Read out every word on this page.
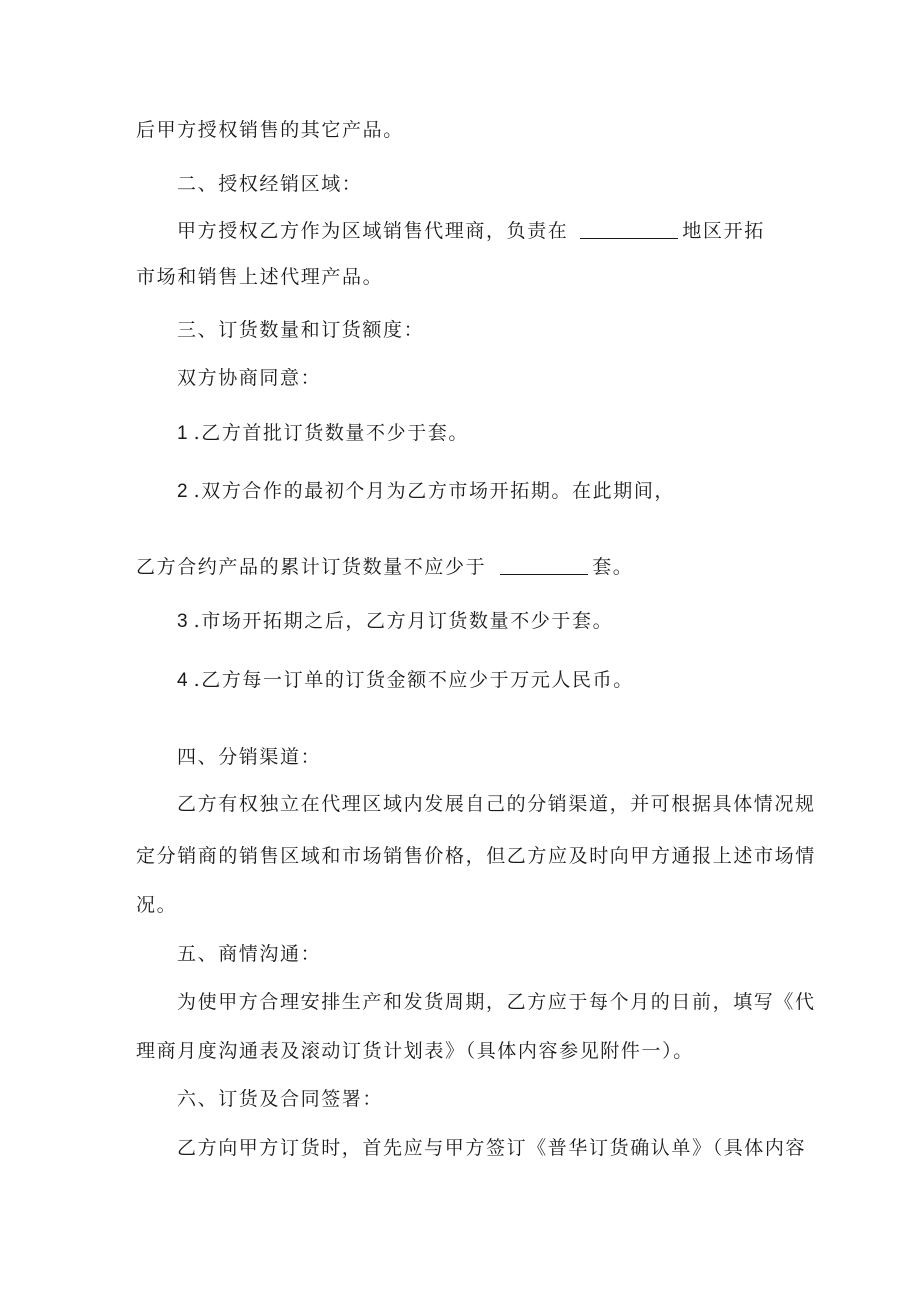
后甲方授权销售的其它产品。
二、授权经销区域：
甲方授权乙方作为区域销售代理商，负责在	地区开拓
市场和销售上述代理产品。
三、订货数量和订货额度：
双方协商同意：
1 .乙方首批订货数量不少于套。
2 .双方合作的最初个月为乙方市场开拓期。在此期间，
乙方合约产品的累计订货数量不应少于	套。
3 .市场开拓期之后，乙方月订货数量不少于套。
4 .乙方每一订单的订货金额不应少于万元人民币。
四、分销渠道：
乙方有权独立在代理区域内发展自己的分销渠道，并可根据具体情况规
定分销商的销售区域和市场销售价格，但乙方应及时向甲方通报上述市场情
况。
五、商情沟通：
为使甲方合理安排生产和发货周期，乙方应于每个月的日前，填写《代
理商月度沟通表及滚动订货计划表》（具体内容参见附件一）。
六、订货及合同签署：
乙方向甲方订货时，首先应与甲方签订《普华订货确认单》（具体内容
